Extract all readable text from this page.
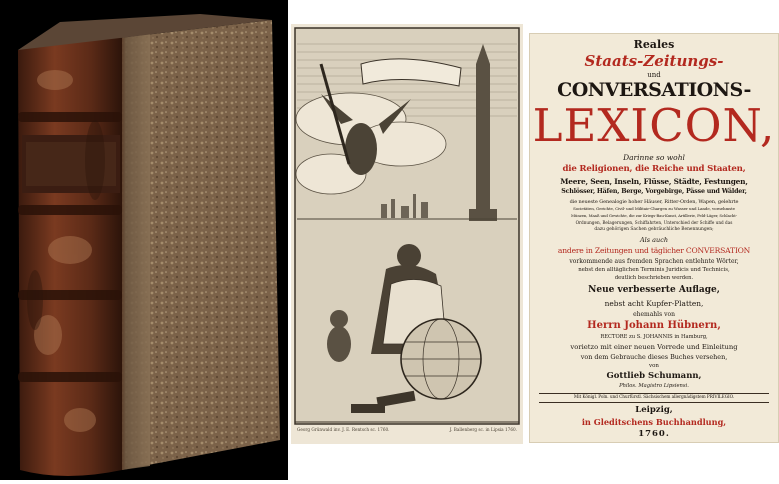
Georg Grünwald inv. J. E. Rentsch sc. 1760.	J. Ballenberg sc. in Lipsia 1760.
Reales
Staats-Zeitungs-
und
CONVERSATIONS-
LEXICON,
Darinne so wohl
die Religionen, die Reiche und Staaten,
Meere, Seen, Inseln, Flüsse, Städte, Festungen,
Schlösser, Häfen, Berge, Vorgebirge, Pässe und Wälder,
die neueste Genealogie hoher Häuser, Ritter-Orden, Wapen, gelehrte
Societäten, Gerichte, Civil- und Militair-Chargen zu Wasser und Lande, vornehmste
Münzen, Maaß und Gewichte, die zur Kriegs-Bau-Kunst, Artillerie, Feld-Läger, Schlacht-
Ordnungen, Belagerungen, Schiffahrten, Unterschied der Schiffe und das
dazu gehörigen Sachen gebräuchliche Benennungen;
Als auch
andere in Zeitungen und täglicher CONVERSATION
vorkommende aus fremden Sprachen entlehnte Wörter,
nebst den alltäglichen Terminis Juridicis und Technicis,
deutlich beschrieben werden.
Neue verbesserte Auflage,
nebst acht Kupfer-Platten,
ehemahls von
Herrn Johann Hübnern,
RECTORE zu S. JOHANNIS in Hamburg,
vorietzo mit einer neuen Vorrede und Einleitung
von dem Gebrauche dieses Buches versehen,
von
Gottlieb Schumann,
Philos. Magistro Lipsiensi.
Mit Königl. Poln. und Churfürstl. Sächsischem allergnädigstem PRIVILEGIO.
Leipzig,
in Gleditschens Buchhandlung,
1760.
